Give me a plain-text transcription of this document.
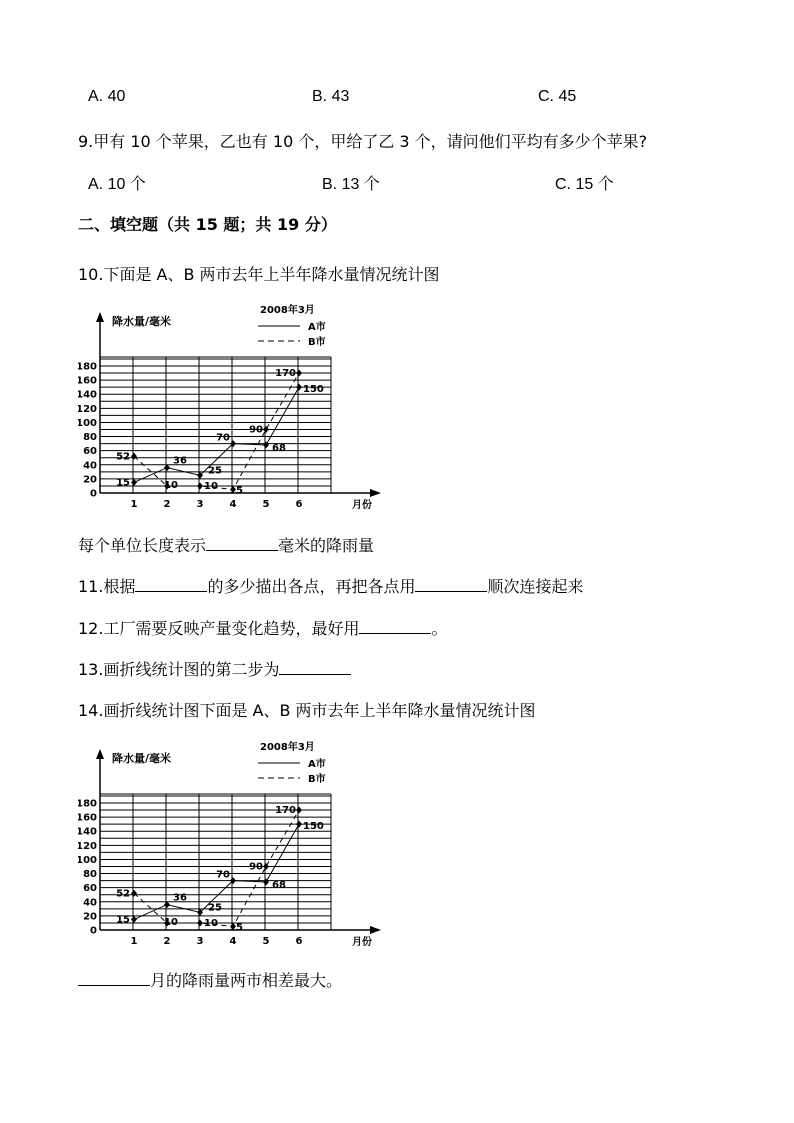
A. 40	B. 43	C. 45
9.甲有 10 个苹果，乙也有 10 个，甲给了乙 3 个，请问他们平均有多少个苹果?
A. 10 个	B. 13 个	C. 15 个
二、填空题（共 15 题；共 19 分）
10.下面是 A、B 两市去年上半年降水量情况统计图
0
20
40
60
80
100
120
140
160
180
1	2	3	4	5	6
降水量/毫米
月份
2008年3月
A市
B市
15
36
25
70
68
150
52
10	10 5
90
170
每个单位长度表示	毫米的降雨量
11.根据	的多少描出各点，再把各点用	顺次连接起来
12.工厂需要反映产量变化趋势，最好用	。
13.画折线统计图的第二步为
14.画折线统计图下面是 A、B 两市去年上半年降水量情况统计图
0
20
40
60
80
100
120
140
160
180
1	2	3	4	5	6
降水量/毫米
月份
2008年3月
A市
B市
15
36
25
70
68
150
52
10	10 5
90
170
月的降雨量两市相差最大。
